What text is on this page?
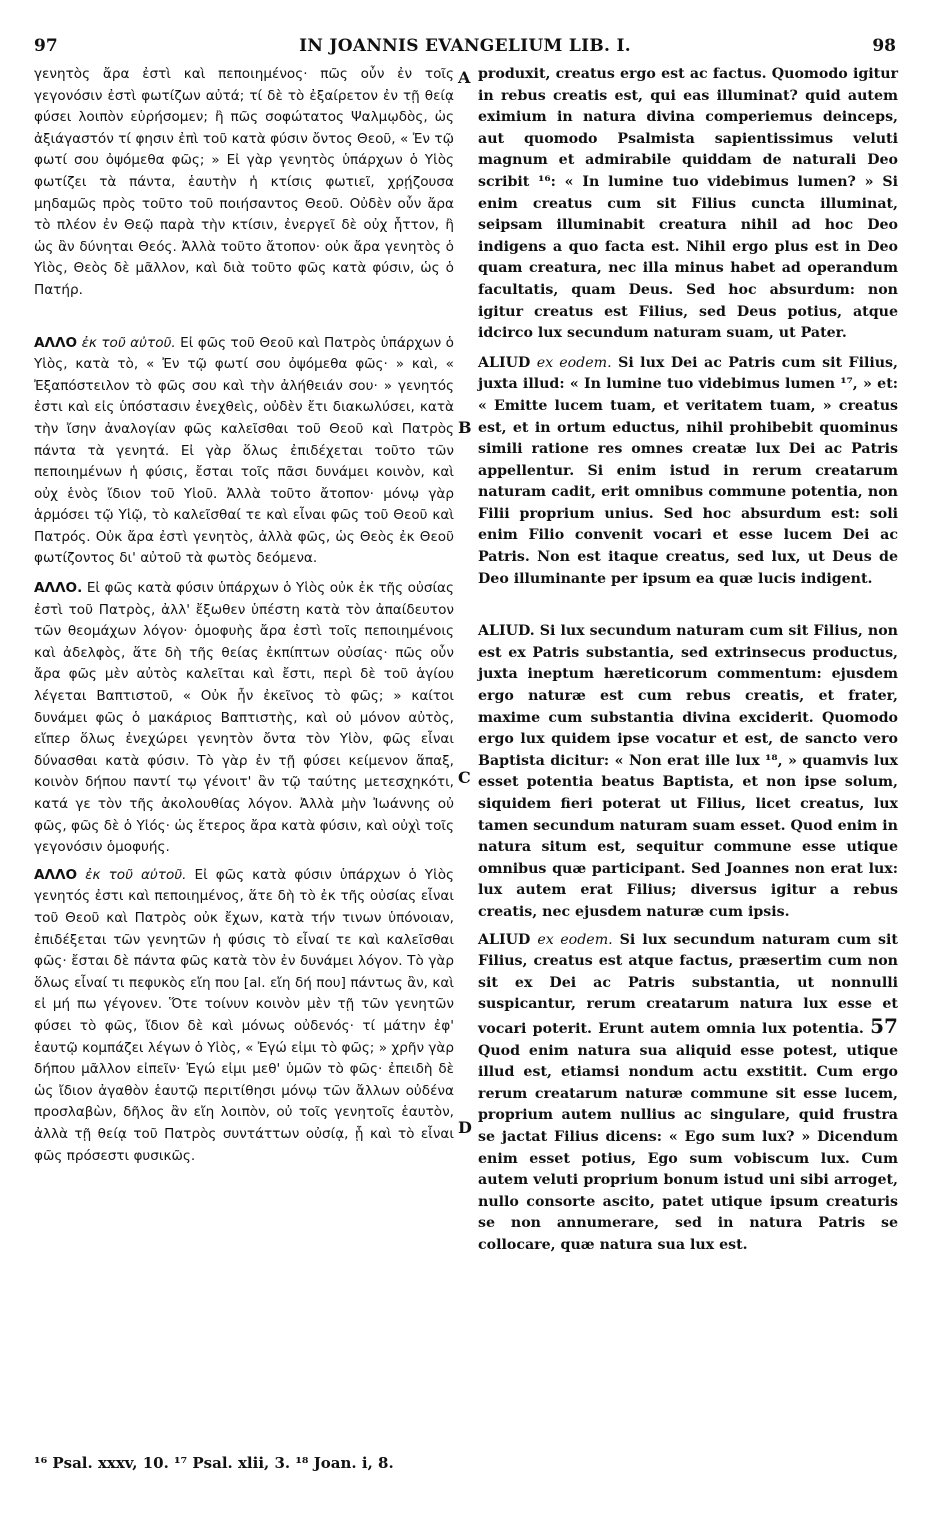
97	IN JOANNIS EVANGELIUM LIB. I.	98
A
B
C
D

γενητὸς ἄρα ἐστὶ καὶ πεποιημένος· πῶς οὖν ἐν τοῖς γεγονόσιν ἐστὶ φωτίζων αὐτά; τί δὲ τὸ ἐξαίρετον ἐν τῇ θείᾳ φύσει λοιπὸν εὑρήσομεν; ἢ πῶς σοφώτατος Ψαλμῳδὸς, ὡς ἀξιάγαστόν τί φησιν ἐπὶ τοῦ κατὰ φύσιν ὄντος Θεοῦ, « Ἐν τῷ φωτί σου ὀψόμεθα φῶς; » Εἰ γὰρ γενητὸς ὑπάρχων ὁ Υἱὸς φωτίζει τὰ πάντα, ἑαυτὴν ἡ κτίσις φωτιεῖ, χρῄζουσα μηδαμῶς πρὸς τοῦτο τοῦ ποιήσαντος Θεοῦ. Οὐδὲν οὖν ἄρα τὸ πλέον ἐν Θεῷ παρὰ τὴν κτίσιν, ἐνεργεῖ δὲ οὐχ ἧττον, ἢ ὡς ἂν δύνηται Θεός. Ἀλλὰ τοῦτο ἄτοπον· οὐκ ἄρα γενητὸς ὁ Υἱὸς, Θεὸς δὲ μᾶλλον, καὶ διὰ τοῦτο φῶς κατὰ φύσιν, ὡς ὁ Πατήρ.

ΑΛΛΟ ἐκ τοῦ αὐτοῦ. Εἰ φῶς τοῦ Θεοῦ καὶ Πατρὸς ὑπάρχων ὁ Υἱὸς, κατὰ τὸ, « Ἐν τῷ φωτί σου ὀψόμεθα φῶς· » καὶ, « Ἐξαπόστειλον τὸ φῶς σου καὶ τὴν ἀλήθειάν σου· » γενητός ἐστι καὶ εἰς ὑπόστασιν ἐνεχθεὶς, οὐδὲν ἔτι διακωλύσει, κατὰ τὴν ἴσην ἀναλογίαν φῶς καλεῖσθαι τοῦ Θεοῦ καὶ Πατρὸς πάντα τὰ γενητά. Εἰ γὰρ ὅλως ἐπιδέχεται τοῦτο τῶν πεποιημένων ἡ φύσις, ἔσται τοῖς πᾶσι δυνάμει κοινὸν, καὶ οὐχ ἑνὸς ἴδιον τοῦ Υἱοῦ. Ἀλλὰ τοῦτο ἄτοπον· μόνῳ γὰρ ἁρμόσει τῷ Υἱῷ, τὸ καλεῖσθαί τε καὶ εἶναι φῶς τοῦ Θεοῦ καὶ Πατρός. Οὐκ ἄρα ἐστὶ γενητὸς, ἀλλὰ φῶς, ὡς Θεὸς ἐκ Θεοῦ φωτίζοντος δι' αὐτοῦ τὰ φωτὸς δεόμενα.

ΑΛΛΟ. Εἰ φῶς κατὰ φύσιν ὑπάρχων ὁ Υἱὸς οὐκ ἐκ τῆς οὐσίας ἐστὶ τοῦ Πατρὸς, ἀλλ' ἔξωθεν ὑπέστη κατὰ τὸν ἀπαίδευτον τῶν θεομάχων λόγον· ὁμοφυὴς ἄρα ἐστὶ τοῖς πεποιημένοις καὶ ἀδελφὸς, ἅτε δὴ τῆς θείας ἐκπίπτων οὐσίας· πῶς οὖν ἄρα φῶς μὲν αὐτὸς καλεῖται καὶ ἔστι, περὶ δὲ τοῦ ἁγίου λέγεται Βαπτιστοῦ, « Οὐκ ἦν ἐκεῖνος τὸ φῶς; » καίτοι δυνάμει φῶς ὁ μακάριος Βαπτιστὴς, καὶ οὐ μόνον αὐτὸς, εἴπερ ὅλως ἐνεχώρει γενητὸν ὄντα τὸν Υἱὸν, φῶς εἶναι δύνασθαι κατὰ φύσιν. Τὸ γὰρ ἐν τῇ φύσει κείμενον ἅπαξ, κοινὸν δήπου παντί τῳ γένοιτ' ἂν τῷ ταύτης μετεσχηκότι, κατά γε τὸν τῆς ἀκολουθίας λόγον. Ἀλλὰ μὴν Ἰωάννης οὐ φῶς, φῶς δὲ ὁ Υἱός· ὡς ἕτερος ἄρα κατὰ φύσιν, καὶ οὐχὶ τοῖς γεγονόσιν ὁμοφυής.

ΑΛΛΟ ἐκ τοῦ αὐτοῦ. Εἰ φῶς κατὰ φύσιν ὑπάρχων ὁ Υἱὸς γενητός ἐστι καὶ πεποιημένος, ἅτε δὴ τὸ ἐκ τῆς οὐσίας εἶναι τοῦ Θεοῦ καὶ Πατρὸς οὐκ ἔχων, κατὰ τήν τινων ὑπόνοιαν, ἐπιδέξεται τῶν γενητῶν ἡ φύσις τὸ εἶναί τε καὶ καλεῖσθαι φῶς· ἔσται δὲ πάντα φῶς κατὰ τὸν ἐν δυνάμει λόγον. Τὸ γὰρ ὅλως εἶναί τι πεφυκὸς εἴη που [al. εἴη δή που] πάντως ἂν, καὶ εἰ μή πω γέγονεν. Ὅτε τοίνυν κοινὸν μὲν τῇ τῶν γενητῶν φύσει τὸ φῶς, ἴδιον δὲ καὶ μόνως οὐδενός· τί μάτην ἐφ' ἑαυτῷ κομπάζει λέγων ὁ Υἱὸς, « Ἐγώ εἰμι τὸ φῶς; » χρῆν γὰρ δήπου μᾶλλον εἰπεῖν· Ἐγώ εἰμι μεθ' ὑμῶν τὸ φῶς· ἐπειδὴ δὲ ὡς ἴδιον ἀγαθὸν ἑαυτῷ περιτίθησι μόνῳ τῶν ἄλλων οὐδένα προσλαβὼν, δῆλος ἂν εἴη λοιπὸν, οὐ τοῖς γενητοῖς ἑαυτὸν, ἀλλὰ τῇ θείᾳ τοῦ Πατρὸς συντάττων οὐσίᾳ, ᾗ καὶ τὸ εἶναι φῶς πρόσεστι φυσικῶς.

produxit, creatus ergo est ac factus. Quomodo igitur in rebus creatis est, qui eas illuminat? quid autem eximium in natura divina comperiemus deinceps, aut quomodo Psalmista sapientissimus veluti magnum et admirabile quiddam de naturali Deo scribit ¹⁶: « In lumine tuo videbimus lumen? » Si enim creatus cum sit Filius cuncta illuminat, seipsam illuminabit creatura nihil ad hoc Deo indigens a quo facta est. Nihil ergo plus est in Deo quam creatura, nec illa minus habet ad operandum facultatis, quam Deus. Sed hoc absurdum: non igitur creatus est Filius, sed Deus potius, atque idcirco lux secundum naturam suam, ut Pater.

ALIUD ex eodem. Si lux Dei ac Patris cum sit Filius, juxta illud: « In lumine tuo videbimus lumen ¹⁷, » et: « Emitte lucem tuam, et veritatem tuam, » creatus est, et in ortum eductus, nihil prohibebit quominus simili ratione res omnes creatæ lux Dei ac Patris appellentur. Si enim istud in rerum creatarum naturam cadit, erit omnibus commune potentia, non Filii proprium unius. Sed hoc absurdum est: soli enim Filio convenit vocari et esse lucem Dei ac Patris. Non est itaque creatus, sed lux, ut Deus de Deo illuminante per ipsum ea quæ lucis indigent.

ALIUD. Si lux secundum naturam cum sit Filius, non est ex Patris substantia, sed extrinsecus productus, juxta ineptum hæreticorum commentum: ejusdem ergo naturæ est cum rebus creatis, et frater, maxime cum substantia divina exciderit. Quomodo ergo lux quidem ipse vocatur et est, de sancto vero Baptista dicitur: « Non erat ille lux ¹⁸, » quamvis lux esset potentia beatus Baptista, et non ipse solum, siquidem fieri poterat ut Filius, licet creatus, lux tamen secundum naturam suam esset. Quod enim in natura situm est, sequitur commune esse utique omnibus quæ participant. Sed Joannes non erat lux: lux autem erat Filius; diversus igitur a rebus creatis, nec ejusdem naturæ cum ipsis.

ALIUD ex eodem. Si lux secundum naturam cum sit Filius, creatus est atque factus, præsertim cum non sit ex Dei ac Patris substantia, ut nonnulli suspicantur, rerum creatarum natura lux esse et vocari poterit. Erunt autem omnia lux potentia. 57 Quod enim natura sua aliquid esse potest, utique illud est, etiamsi nondum actu exstitit. Cum ergo rerum creatarum naturæ commune sit esse lucem, proprium autem nullius ac singulare, quid frustra se jactat Filius dicens: « Ego sum lux? » Dicendum enim esset potius, Ego sum vobiscum lux. Cum autem veluti proprium bonum istud uni sibi arroget, nullo consorte ascito, patet utique ipsum creaturis se non annumerare, sed in natura Patris se collocare, quæ natura sua lux est.

¹⁶ Psal. xxxv, 10. ¹⁷ Psal. xlii, 3. ¹⁸ Joan. i, 8.
